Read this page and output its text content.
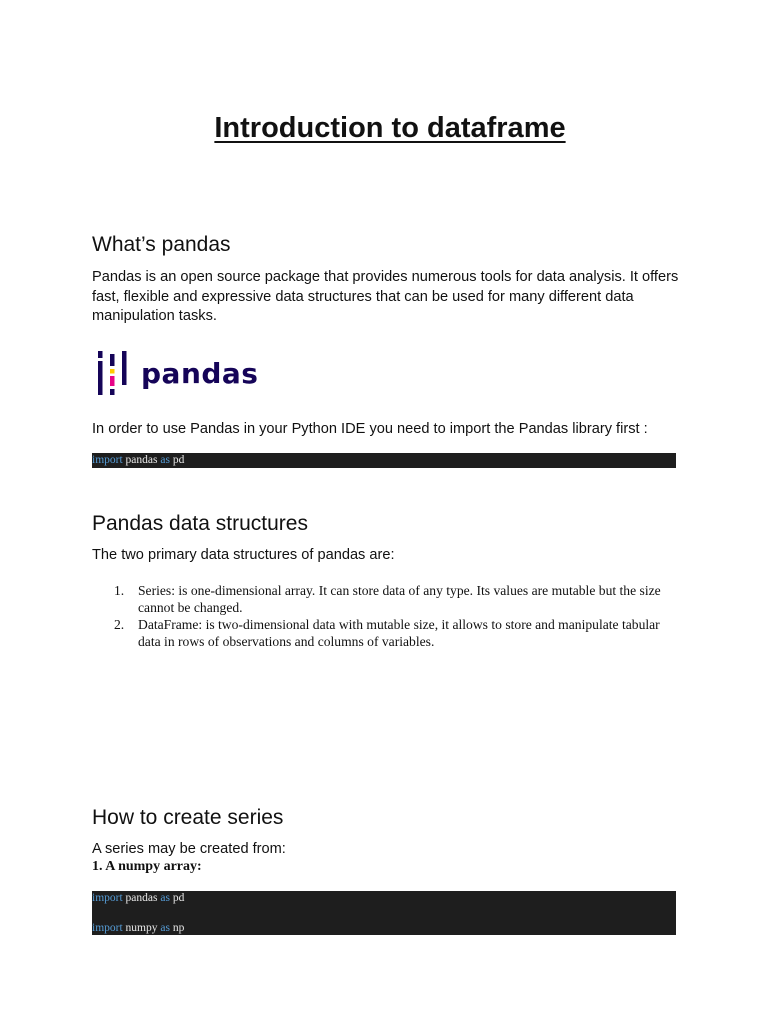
Introduction to dataframe
What’s pandas

Pandas is an open source package that provides numerous tools for data analysis. It offers fast, flexible and expressive data structures that can be used for many different data manipulation tasks.

pandas

In order to use Pandas in your Python IDE you need to import the Pandas library first :

import pandas as pd
Pandas data structures

The two primary data structures of pandas are:

1. Series: is one-dimensional array. It can store data of any type. Its values are mutable but the size cannot be changed.
2. DataFrame: is two-dimensional data with mutable size, it allows to store and manipulate tabular data in rows of observations and columns of variables.
How to create series

A series may be created from:

1. A numpy array:

import pandas as pd
import numpy as np
